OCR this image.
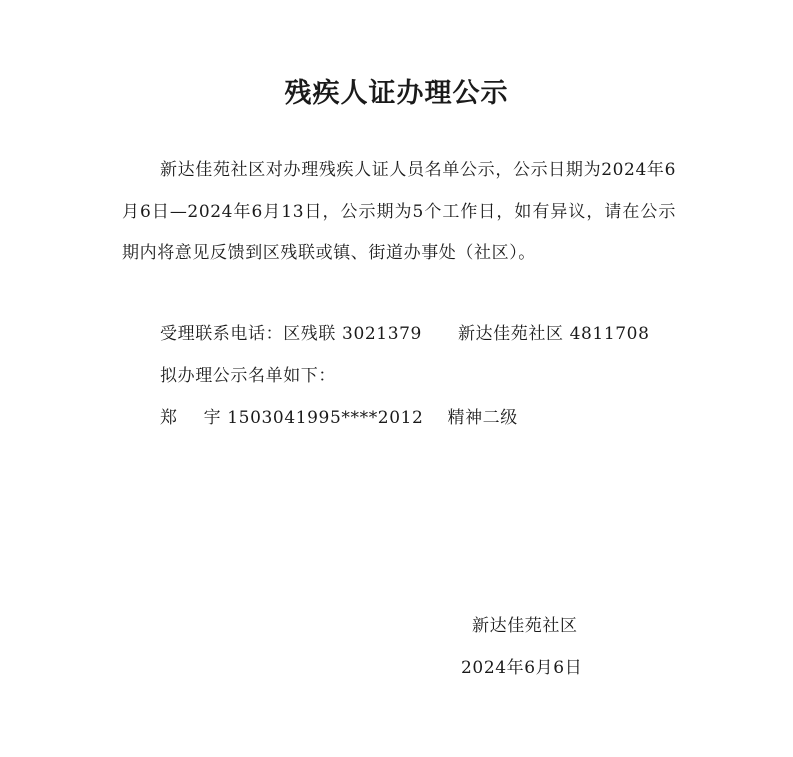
残疾人证办理公示

新达佳苑社区对办理残疾人证人员名单公示，公示日期为2024年6月6日—2024年6月13日，公示期为5个工作日，如有异议，请在公示期内将意见反馈到区残联或镇、街道办事处（社区）。

受理联系电话：区残联 3021379 新达佳苑社区 4811708
拟办理公示名单如下：
郑 宇 1503041995****2012 精神二级
新达佳苑社区
2024年6月6日
